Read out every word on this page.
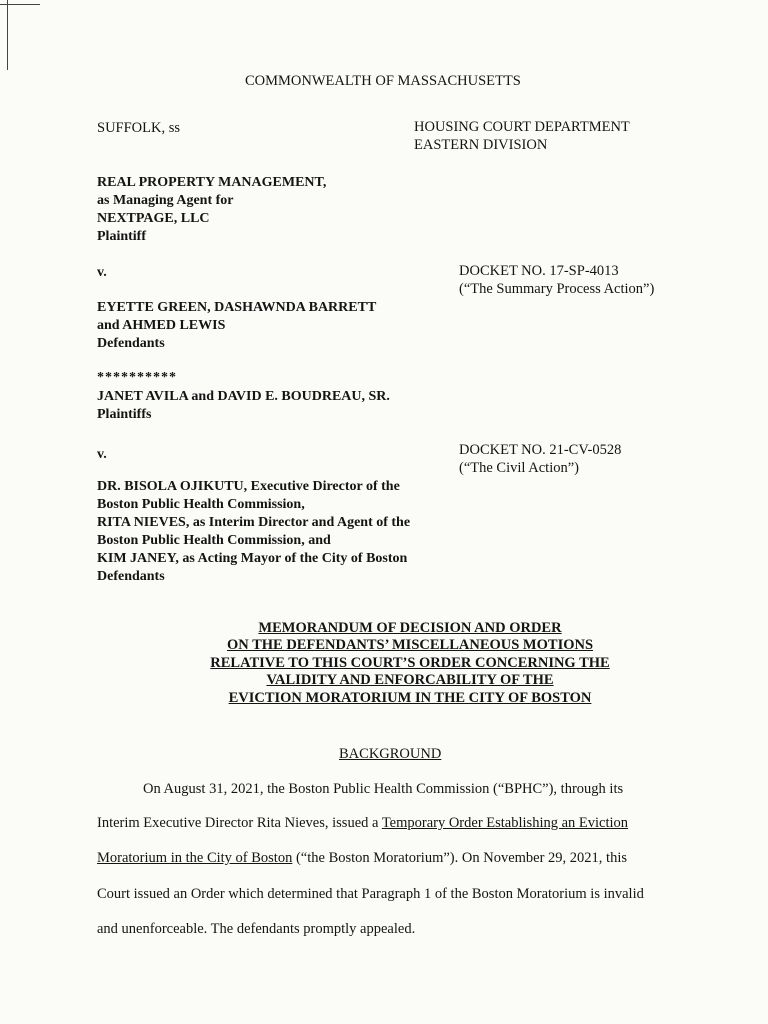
COMMONWEALTH OF MASSACHUSETTS
SUFFOLK, ss	HOUSING COURT DEPARTMENT
EASTERN DIVISION
REAL PROPERTY MANAGEMENT,
as Managing Agent for
NEXTPAGE, LLC
Plaintiff
v.	DOCKET NO. 17-SP-4013
(“The Summary Process Action”)
EYETTE GREEN, DASHAWNDA BARRETT
and AHMED LEWIS
Defendants
**********
JANET AVILA and DAVID E. BOUDREAU, SR.
Plaintiffs
v.	DOCKET NO. 21-CV-0528
(“The Civil Action”)
DR. BISOLA OJIKUTU, Executive Director of the
Boston Public Health Commission,
RITA NIEVES, as Interim Director and Agent of the
Boston Public Health Commission, and
KIM JANEY, as Acting Mayor of the City of Boston
Defendants
MEMORANDUM OF DECISION AND ORDER
ON THE DEFENDANTS’ MISCELLANEOUS MOTIONS
RELATIVE TO THIS COURT’S ORDER CONCERNING THE
VALIDITY AND ENFORCABILITY OF THE
EVICTION MORATORIUM IN THE CITY OF BOSTON
BACKGROUND
On August 31, 2021, the Boston Public Health Commission (“BPHC”), through its
Interim Executive Director Rita Nieves, issued a Temporary Order Establishing an Eviction
Moratorium in the City of Boston (“the Boston Moratorium”). On November 29, 2021, this
Court issued an Order which determined that Paragraph 1 of the Boston Moratorium is invalid
and unenforceable. The defendants promptly appealed.
